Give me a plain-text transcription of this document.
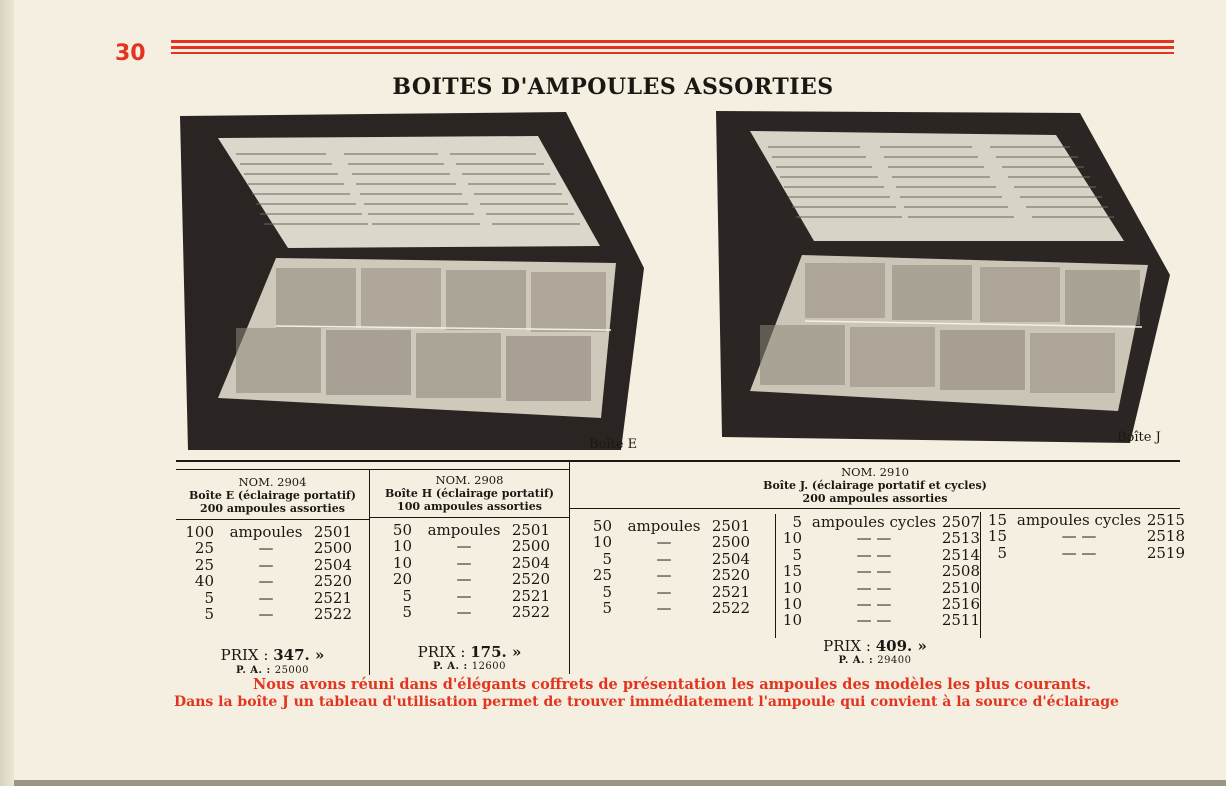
30
BOITES D'AMPOULES ASSORTIES
Boîte E	Boîte J
NOM. 2904
Boîte E (éclairage portatif)
200 ampoules assorties
NOM. 2908
Boîte H (éclairage portatif)
100 ampoules assorties
NOM. 2910
Boîte J. (éclairage portatif et cycles)
200 ampoules assorties
100	ampoules 2501
25	—	2500
25	—	2504
40	—	2520
5	—	2521
5	—	2522
50	ampoules 2501
10	—	2500
10	—	2504
20	—	2520
5	—	2521
5	—	2522
50	ampoules 2501
10	—	2500
5	—	2504
25	—	2520
5	—	2521
5	—	2522
5 ampoules cycles 2507
10	— —	2513
5	— —	2514
15	— —	2508
10	— —	2510
10	— —	2516
10	— —	2511
15 ampoules cycles 2515
15	— —	2518
5	— —	2519
PRIX : 347. »
P. A. : 25000
PRIX : 175. »
P. A. : 12600
PRIX : 409. »
P. A. : 29400
Nous avons réuni dans d'élégants coffrets de présentation les ampoules des modèles les plus courants.
Dans la boîte J un tableau d'utilisation permet de trouver immédiatement l'ampoule qui convient à la source d'éclairage
